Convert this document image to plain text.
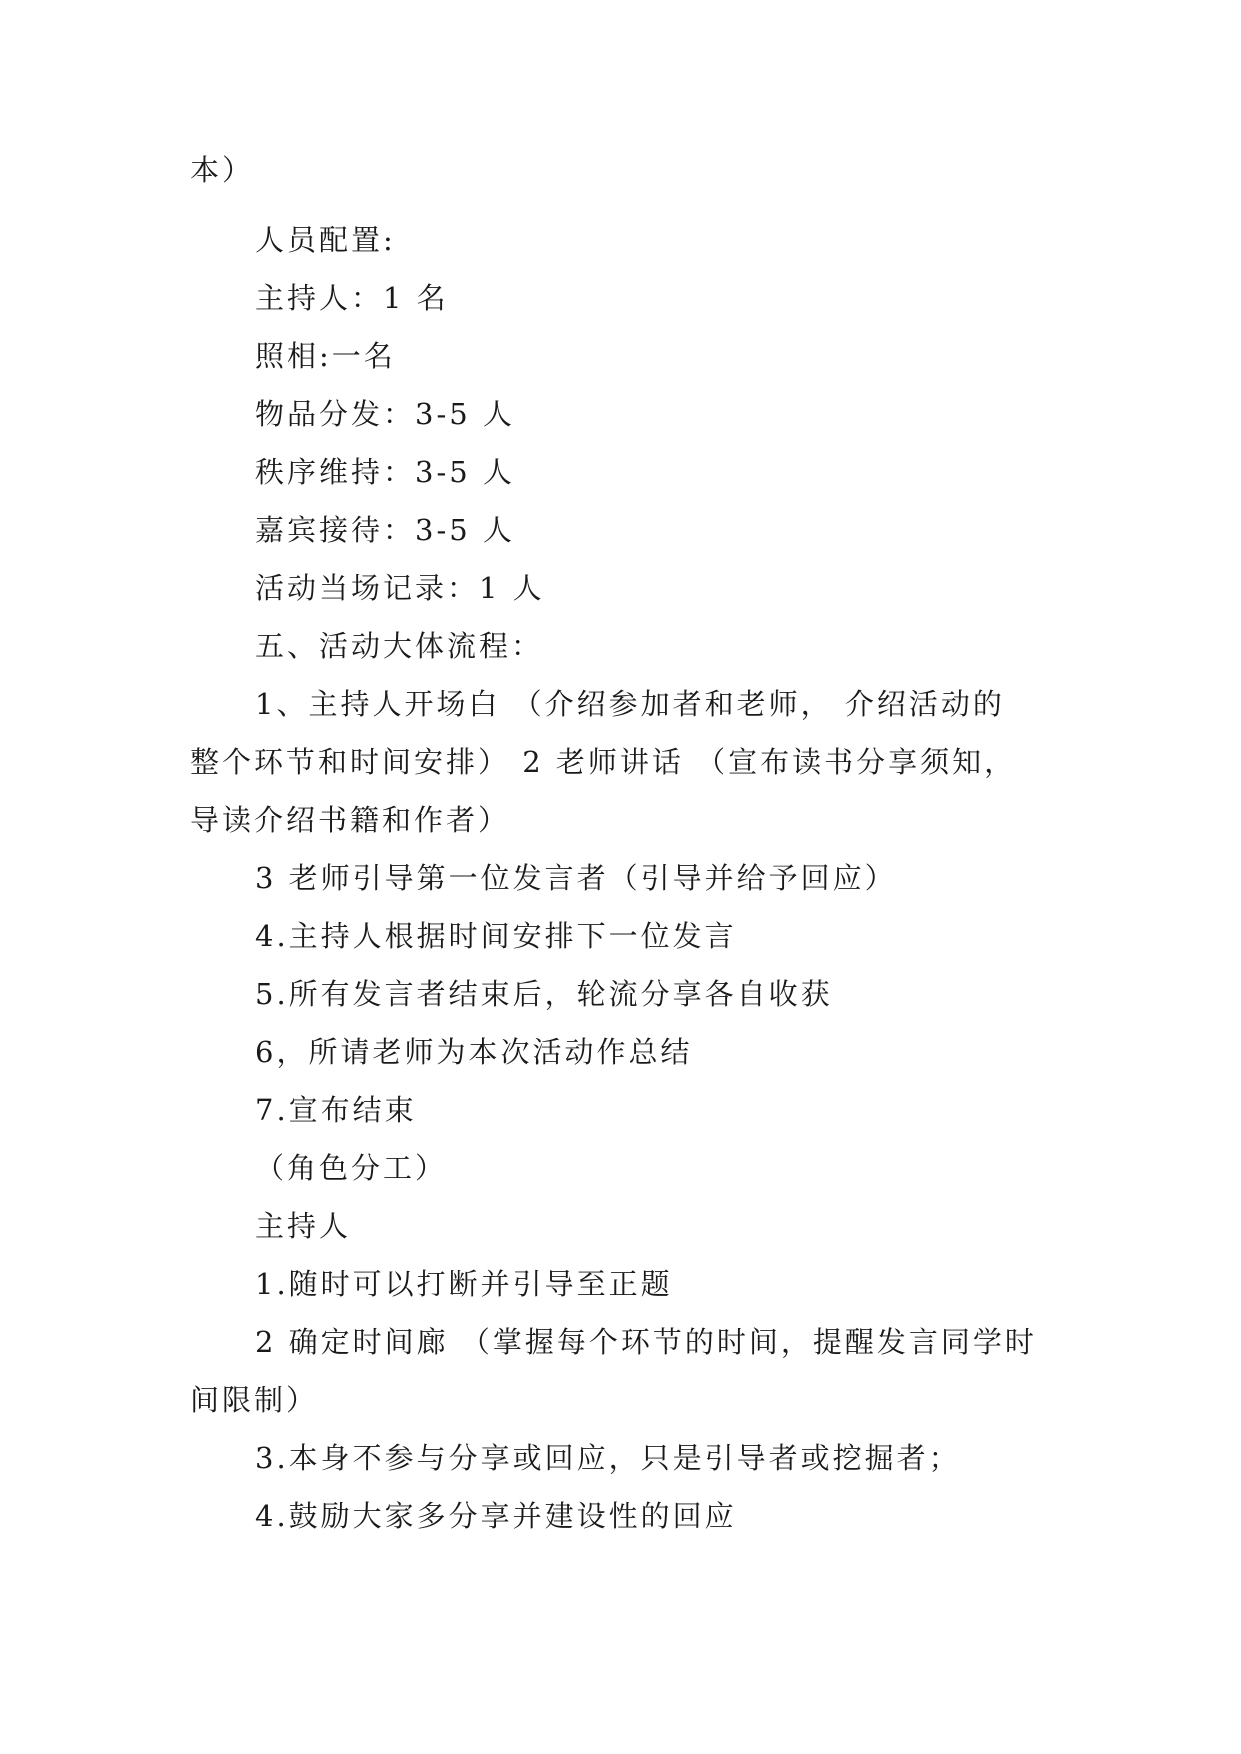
本）
人员配置:
主持人：1 名
照相:一名
物品分发：3-5 人
秩序维持：3-5 人
嘉宾接待：3-5 人
活动当场记录：1 人
五、活动大体流程：
1、主持人开场白 （介绍参加者和老师， 介绍活动的
整个环节和时间安排） 2 老师讲话 （宣布读书分享须知，
导读介绍书籍和作者）
3 老师引导第一位发言者（引导并给予回应）
4.主持人根据时间安排下一位发言
5.所有发言者结束后，轮流分享各自收获
6，所请老师为本次活动作总结
7.宣布结束
（角色分工）
主持人
1.随时可以打断并引导至正题
2 确定时间廊 （掌握每个环节的时间，提醒发言同学时
间限制）
3.本身不参与分享或回应，只是引导者或挖掘者；
4.鼓励大家多分享并建设性的回应
